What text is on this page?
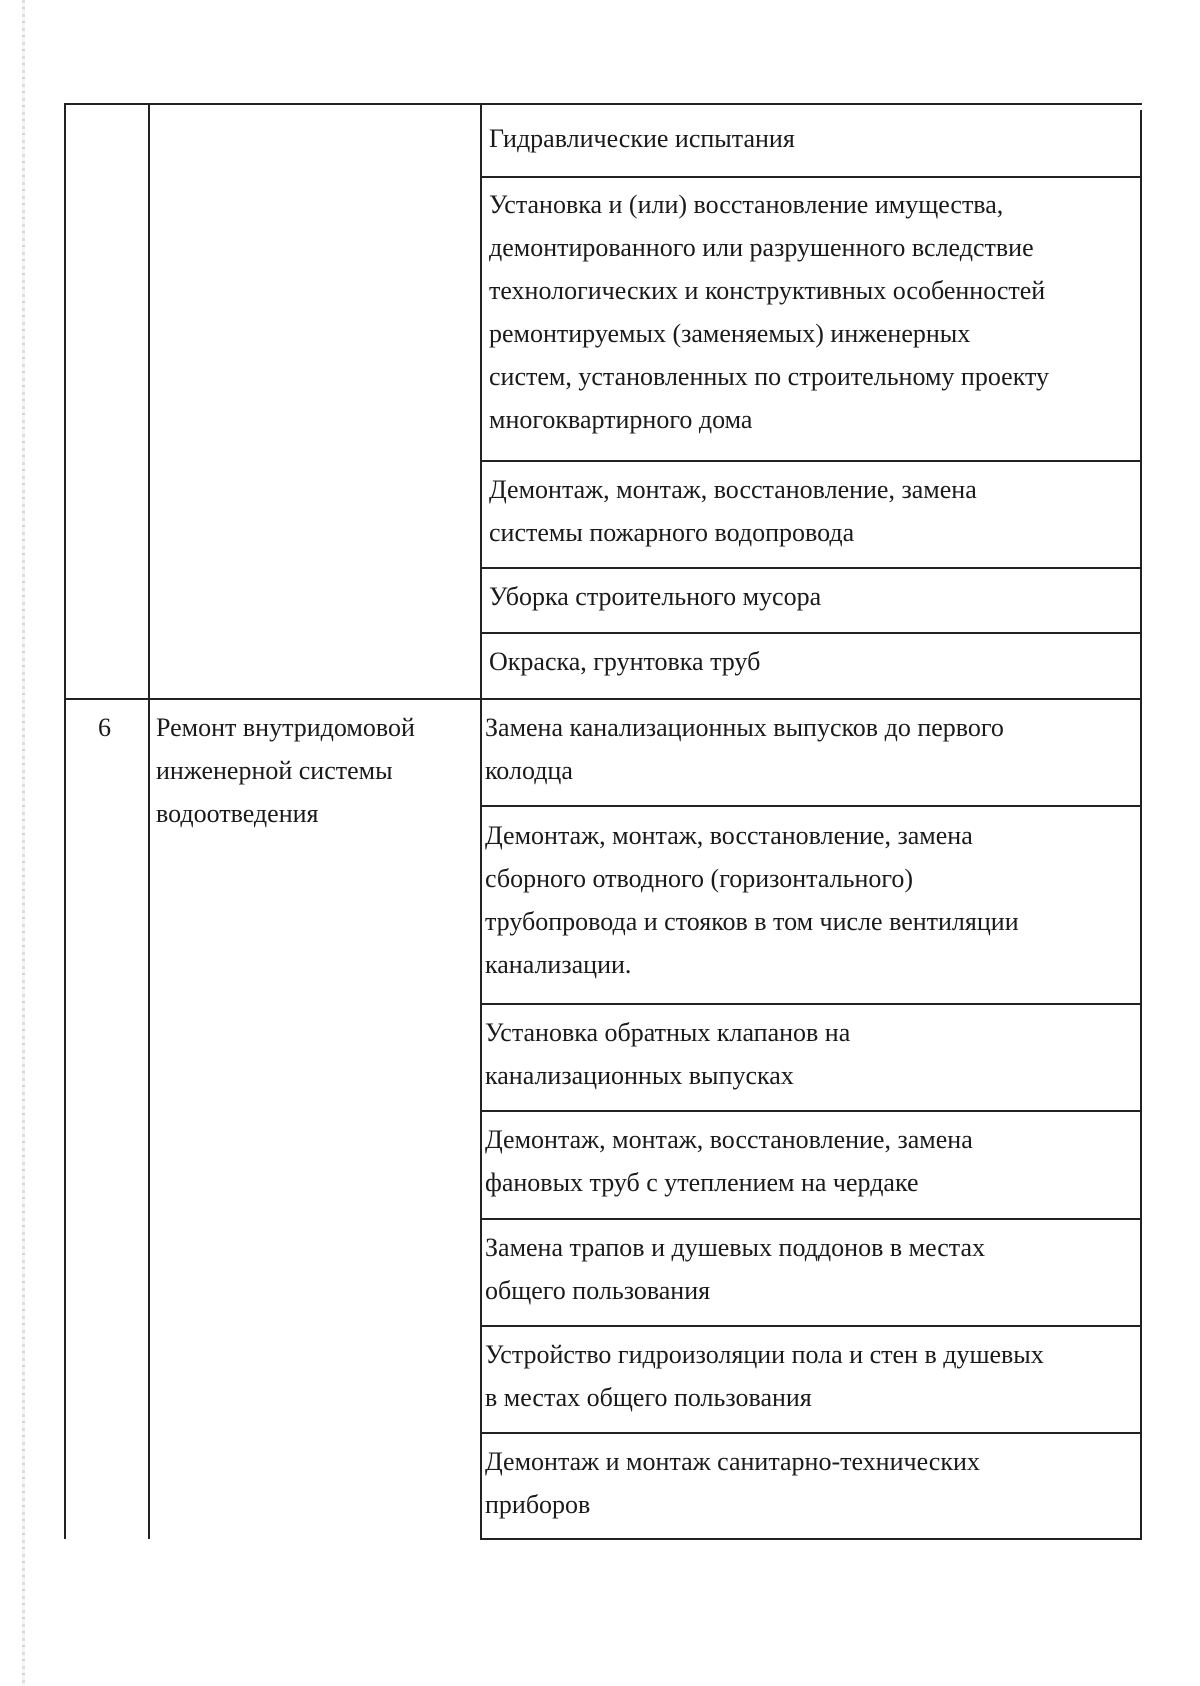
Гидравлические испытания

Установка и (или) восстановление имущества,
демонтированного или разрушенного вследствие
технологических и конструктивных особенностей
ремонтируемых (заменяемых) инженерных
систем, установленных по строительному проекту
многоквартирного дома

Демонтаж, монтаж, восстановление, замена
системы пожарного водопровода

Уборка строительного мусора

Окраска, грунтовка труб

6 Ремонт внутридомовой
инженерной системы
водоотведения

Замена канализационных выпусков до первого
колодца

Демонтаж, монтаж, восстановление, замена
сборного отводного (горизонтального)
трубопровода и стояков в том числе вентиляции
канализации.

Установка обратных клапанов на
канализационных выпусках

Демонтаж, монтаж, восстановление, замена
фановых труб с утеплением на чердаке

Замена трапов и душевых поддонов в местах
общего пользования

Устройство гидроизоляции пола и стен в душевых
в местах общего пользования

Демонтаж и монтаж санитарно-технических
приборов
